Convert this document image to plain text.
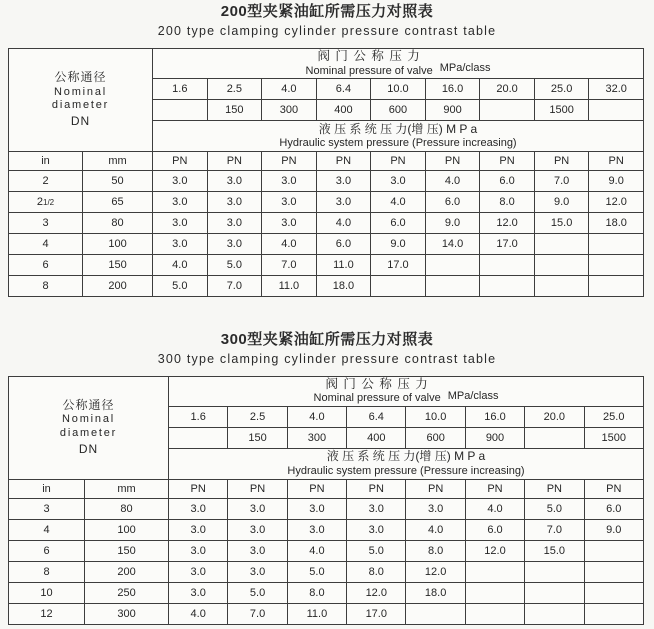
200型夹紧油缸所需压力对照表
200 type clamping cylinder pressure contrast table
公称通径
Nominal
diameter
DN

阀 门 公 称 压 力
Nominal pressure of valve MPa/class

		1.6	2.5	4.0	6.4	10.0	16.0	20.0	25.0	32.0
			150	300	400	600	900		1500	

		液 压 系 统 压 力(增 压) M P a
Hydraulic system pressure (Pressure increasing)								

in	mm	PN	PN	PN	PN	PN	PN	PN	PN	PN
2	50	3.0	3.0	3.0	3.0	3.0	4.0	6.0	7.0	9.0
21/2	65	3.0	3.0	3.0	3.0	4.0	6.0	8.0	9.0	12.0
3	80	3.0	3.0	3.0	4.0	6.0	9.0	12.0	15.0	18.0
4	100	3.0	3.0	4.0	6.0	9.0	14.0	17.0		
6	150	4.0	5.0	7.0	11.0	17.0				
8	200	5.0	7.0	11.0	18.0					
300型夹紧油缸所需压力对照表
300 type clamping cylinder pressure contrast table
公称通径
Nominal
diameter
DN

阀 门 公 称 压 力
Nominal pressure of valve MPa/class

		1.6	2.5	4.0	6.4	10.0	16.0	20.0	25.0
			150	300	400	600	900		1500

		液 压 系 统 压 力(增 压) M P a
Hydraulic system pressure (Pressure increasing)							

in	mm	PN	PN	PN	PN	PN	PN	PN	PN
3	80	3.0	3.0	3.0	3.0	3.0	4.0	5.0	6.0
4	100	3.0	3.0	3.0	3.0	4.0	6.0	7.0	9.0
6	150	3.0	3.0	4.0	5.0	8.0	12.0	15.0	
8	200	3.0	3.0	5.0	8.0	12.0			
10	250	3.0	5.0	8.0	12.0	18.0			
12	300	4.0	7.0	11.0	17.0				
